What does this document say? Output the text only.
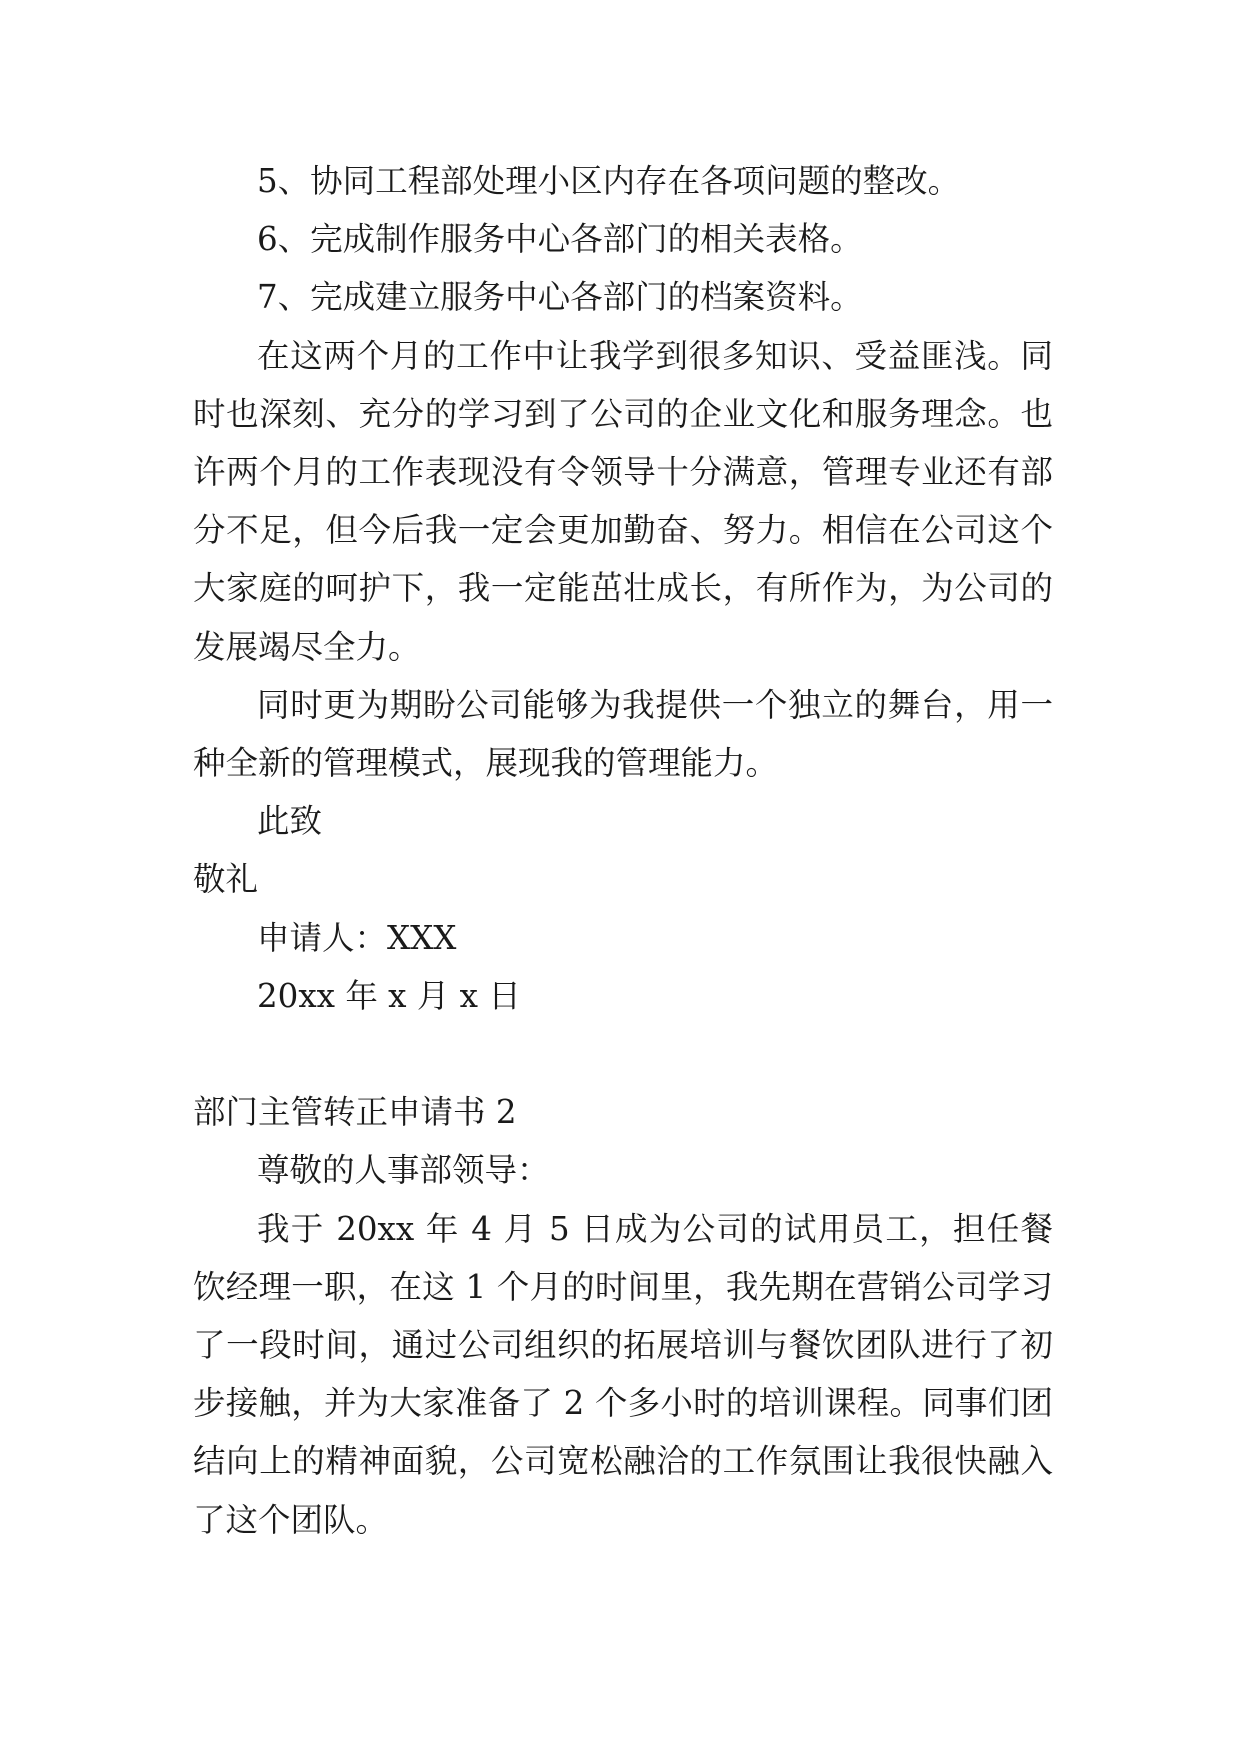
5、协同工程部处理小区内存在各项问题的整改。
6、完成制作服务中心各部门的相关表格。
7、完成建立服务中心各部门的档案资料。

在这两个月的工作中让我学到很多知识、受益匪浅。同时也深刻、充分的学习到了公司的企业文化和服务理念。也许两个月的工作表现没有令领导十分满意，管理专业还有部分不足，但今后我一定会更加勤奋、努力。相信在公司这个大家庭的呵护下，我一定能茁壮成长，有所作为，为公司的发展竭尽全力。

同时更为期盼公司能够为我提供一个独立的舞台，用一种全新的管理模式，展现我的管理能力。

此致
敬礼
申请人：XXX
20xx 年 x 月 x 日
部门主管转正申请书 2
尊敬的人事部领导：

我于 20xx 年 4 月 5 日成为公司的试用员工，担任餐饮经理一职，在这 1 个月的时间里，我先期在营销公司学习了一段时间，通过公司组织的拓展培训与餐饮团队进行了初步接触，并为大家准备了 2 个多小时的培训课程。同事们团结向上的精神面貌，公司宽松融洽的工作氛围让我很快融入了这个团队。
